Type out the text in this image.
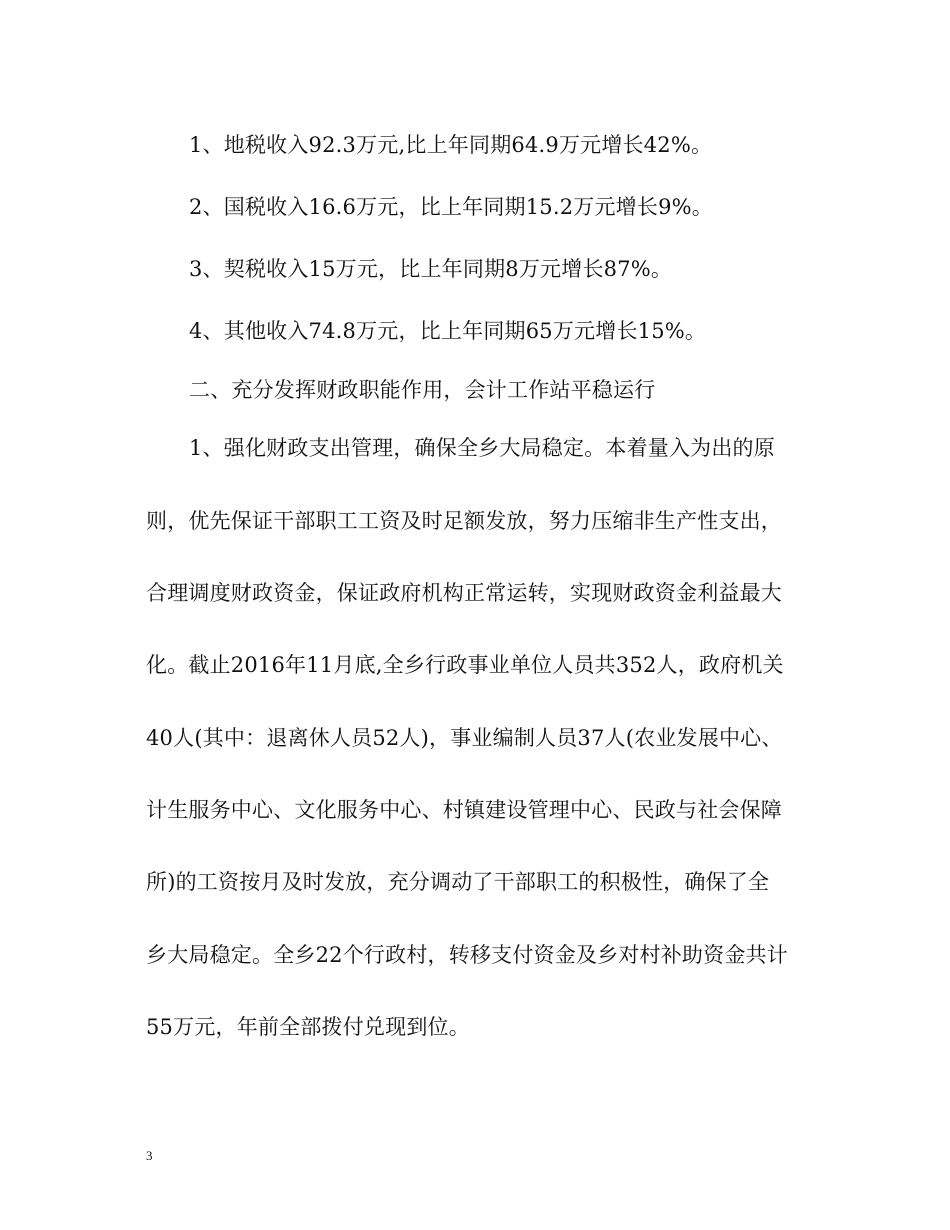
1、地税收入92.3万元,比上年同期64.9万元增长42%。
2、国税收入16.6万元，比上年同期15.2万元增长9%。
3、契税收入15万元，比上年同期8万元增长87%。
4、其他收入74.8万元，比上年同期65万元增长15%。
二、充分发挥财政职能作用，会计工作站平稳运行
1、强化财政支出管理，确保全乡大局稳定。本着量入为出的原
则，优先保证干部职工工资及时足额发放，努力压缩非生产性支出，
合理调度财政资金，保证政府机构正常运转，实现财政资金利益最大
化。截止2016年11月底,全乡行政事业单位人员共352人，政府机关
40人(其中：退离休人员52人)，事业编制人员37人(农业发展中心、
计生服务中心、文化服务中心、村镇建设管理中心、民政与社会保障
所)的工资按月及时发放，充分调动了干部职工的积极性，确保了全
乡大局稳定。全乡22个行政村，转移支付资金及乡对村补助资金共计
55万元，年前全部拨付兑现到位。
3
